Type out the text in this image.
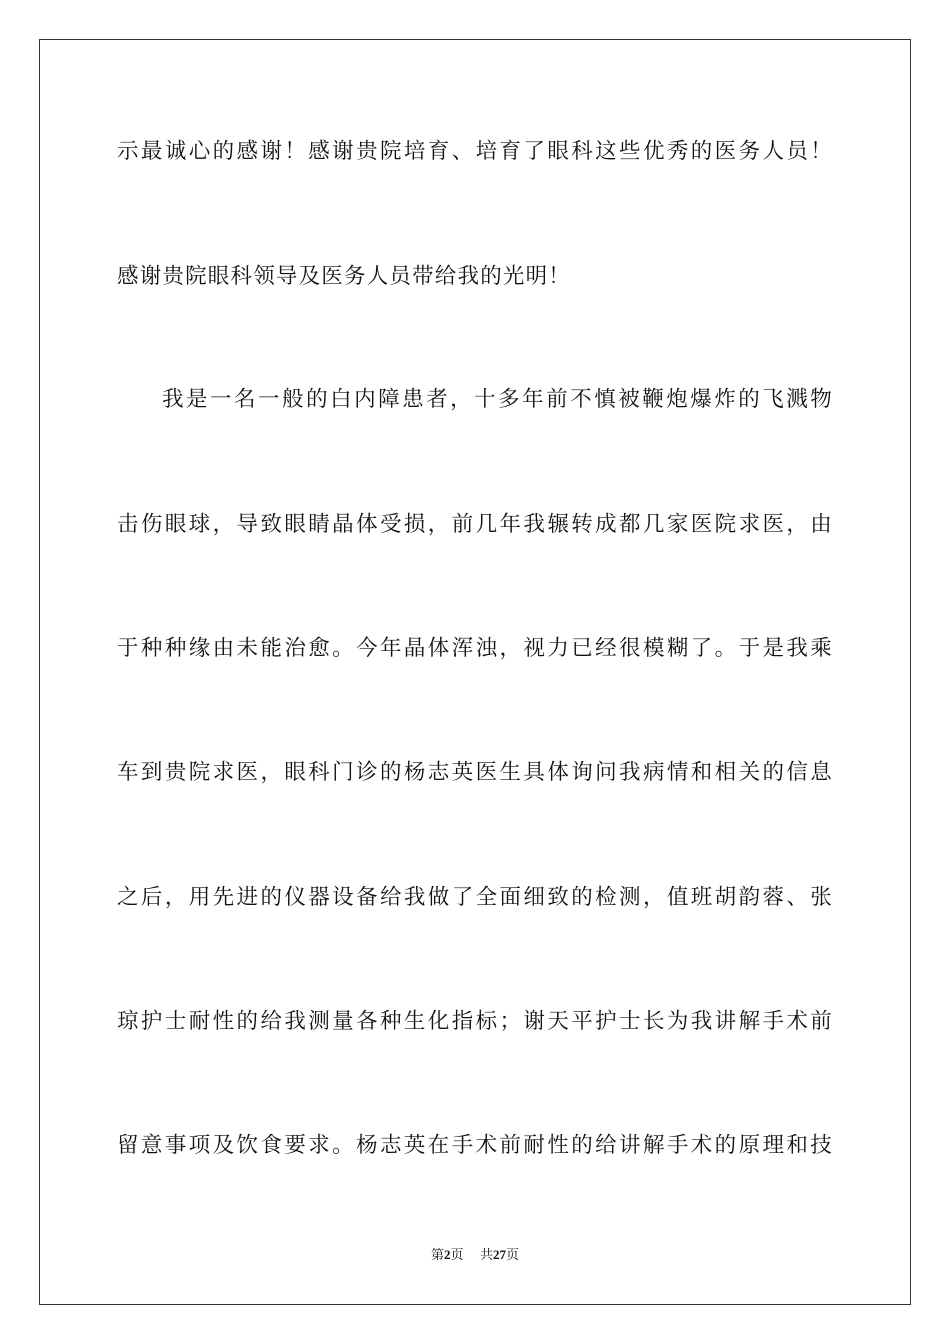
示最诚心的感谢！感谢贵院培育、培育了眼科这些优秀的医务人员！
感谢贵院眼科领导及医务人员带给我的光明！
我是一名一般的白内障患者，十多年前不慎被鞭炮爆炸的飞溅物
击伤眼球，导致眼睛晶体受损，前几年我辗转成都几家医院求医，由
于种种缘由未能治愈。今年晶体浑浊，视力已经很模糊了。于是我乘
车到贵院求医，眼科门诊的杨志英医生具体询问我病情和相关的信息
之后，用先进的仪器设备给我做了全面细致的检测，值班胡韵蓉、张
琼护士耐性的给我测量各种生化指标；谢天平护士长为我讲解手术前
留意事项及饮食要求。杨志英在手术前耐性的给讲解手术的原理和技
第2页 共27页
